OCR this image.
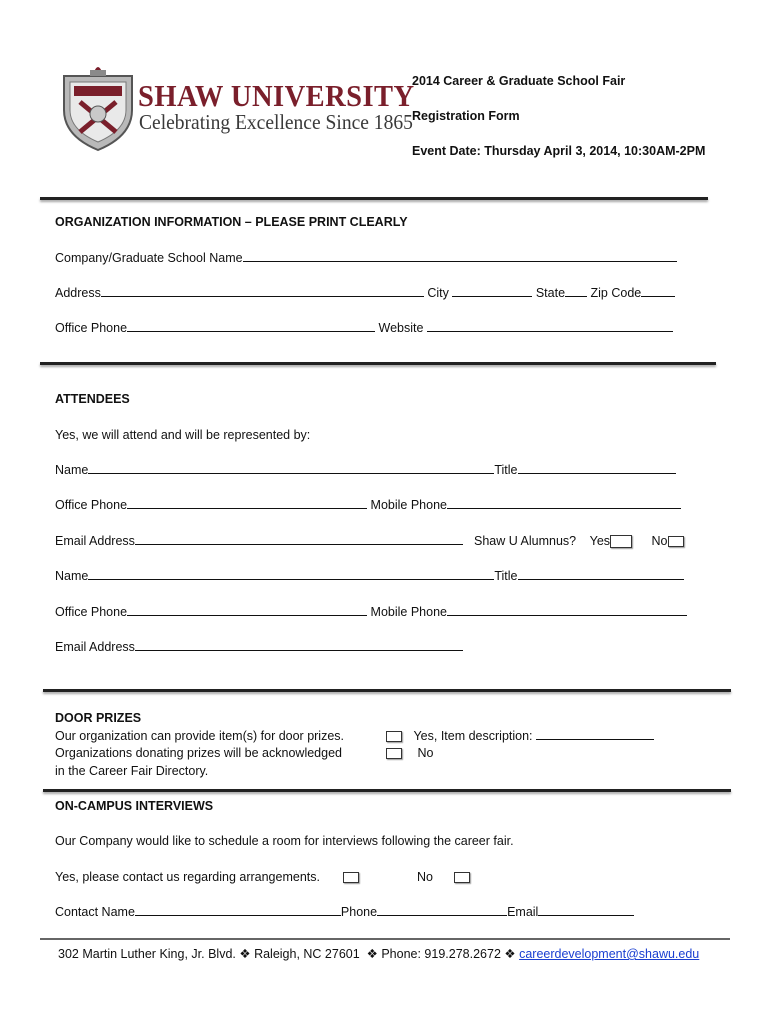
SHAW UNIVERSITY
Celebrating Excellence Since 1865
2014 Career & Graduate School Fair
Registration Form
Event Date: Thursday April 3, 2014, 10:30AM-2PM
ORGANIZATION INFORMATION – PLEASE PRINT CLEARLY
Company/Graduate School Name
Address	City	State Zip Code
Office Phone	Website
ATTENDEES
Yes, we will attend and will be represented by:
Name	Title
Office Phone	Mobile Phone
Email Address	Shaw U Alumnus? Yes	No
Name	Title
Office Phone	Mobile Phone
Email Address
DOOR PRIZES
Our organization can provide item(s) for door prizes.
Organizations donating prizes will be acknowledged
in the Career Fair Directory.
Yes, Item description:
No
ON-CAMPUS INTERVIEWS
Our Company would like to schedule a room for interviews following the career fair.
Yes, please contact us regarding arrangements.	No
Contact Name	Phone	Email
302 Martin Luther King, Jr. Blvd. ❖ Raleigh, NC 27601 ❖ Phone: 919.278.2672 ❖ careerdevelopment@shawu.edu
